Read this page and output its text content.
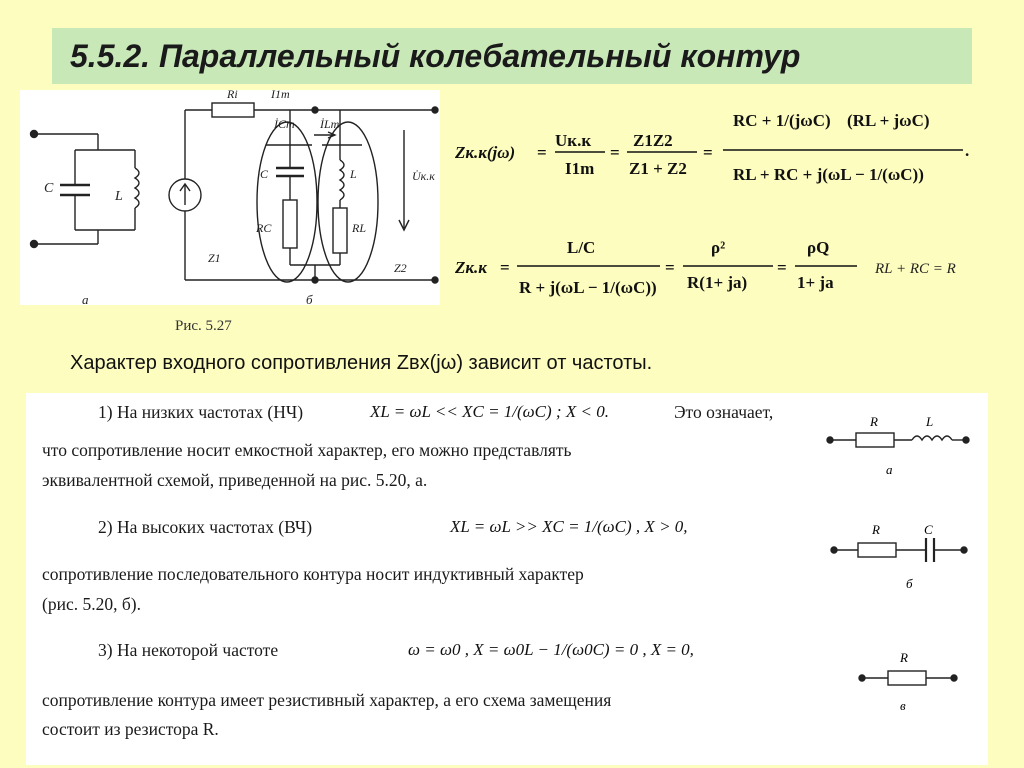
5.5.2. Параллельный колебательный контур
C
L
Ri	İ1m
İCm İLm
U̇к.к
C	L
RC	RL
Z1
Z2
а	б
Рис. 5.27
Zк.к(jω) =
Uк.к
I1m
=
Z1Z2
Z1 + Z2
=
RC + 1/(jωC) (RL + jωC)
RL + RC + j(ωL − 1/(ωC))
.
Zк.к =
L/C
R + j(ωL − 1/(ωC))
=
ρ²
R(1+ ja)
=
ρQ
1+ ja
RL + RC = R
Характер входного сопротивления Zвх(jω) зависит от частоты.
1) На низких частотах (НЧ)	XL = ωL << XC = 1/(ωC) ; X < 0.	Это означает,
что сопротивление носит емкостной характер, его можно представлять
эквивалентной схемой, приведенной на рис. 5.20, а.
2) На высоких частотах (ВЧ)	XL = ωL >> XC = 1/(ωC) , X > 0,
сопротивление последовательного контура носит индуктивный характер
(рис. 5.20, б).
3) На некоторой частоте	ω = ω0 , X = ω0L − 1/(ω0C) = 0 , X = 0,
сопротивление контура имеет резистивный характер, а его схема замещения
состоит из резистора R.
R	L
а
R	C
б
R
в
